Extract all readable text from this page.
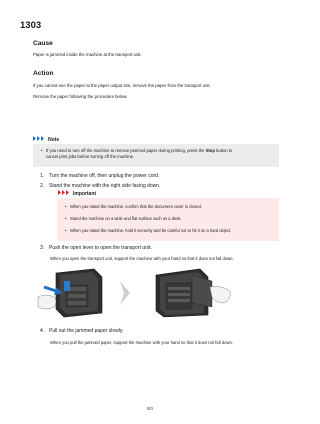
1303
Cause
Paper is jammed inside the machine at the transport unit.
Action
If you cannot see the paper at the paper output slot, remove the paper from the transport unit.
Remove the paper following the procedure below.
Note
• If you need to turn off the machine to remove jammed paper during printing, press the Stop button to
cancel print jobs before turning off the machine.
1. Turn the machine off, then unplug the power cord.
2. Stand the machine with the right side facing down.
Important
• When you stand the machine, confirm that the document cover is closed.
• Stand the machine on a wide and flat surface such as a desk.
• When you stand the machine, hold it securely and be careful not to hit it on a hard object.
3. Push the open lever to open the transport unit.
When you open the transport unit, support the machine with your hand so that it does not fall down.
4. Pull out the jammed paper slowly.
When you pull the jammed paper, support the machine with your hand so that it does not fall down.
825
